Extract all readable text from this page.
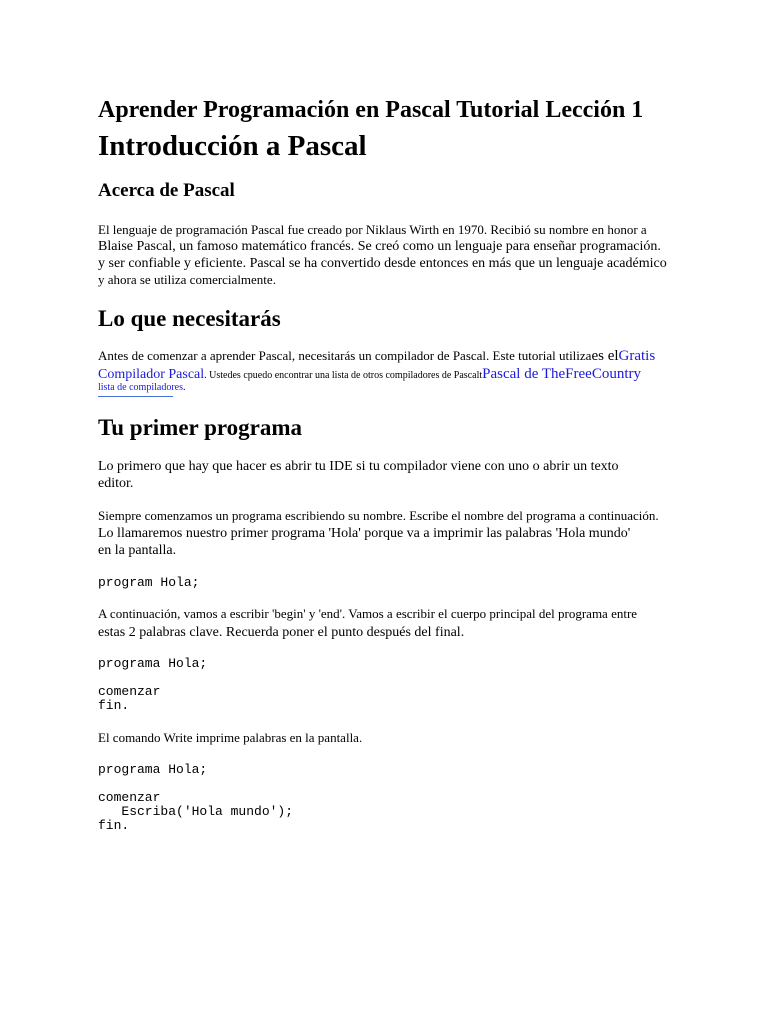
Aprender Programación en Pascal Tutorial Lección 1
Introducción a Pascal
Acerca de Pascal

El lenguaje de programación Pascal fue creado por Niklaus Wirth en 1970. Recibió su nombre en honor a

Blaise Pascal, un famoso matemático francés. Se creó como un lenguaje para enseñar programación.

y ser confiable y eficiente. Pascal se ha convertido desde entonces en más que un lenguaje académico

y ahora se utiliza comercialmente.

Lo que necesitarás

Antes de comenzar a aprender Pascal, necesitarás un compilador de Pascal. Este tutorial utilizaes elGratis

Compilador Pascal. Ustedes cpuedo encontrar una lista de otros compiladores de PascaltPascal de TheFreeCountry

lista de compiladores.

Tu primer programa

Lo primero que hay que hacer es abrir tu IDE si tu compilador viene con uno o abrir un texto

editor.

Siempre comenzamos un programa escribiendo su nombre. Escribe el nombre del programa a continuación.

Lo llamaremos nuestro primer programa 'Hola' porque va a imprimir las palabras 'Hola mundo'

en la pantalla.

program Hola;

A continuación, vamos a escribir 'begin' y 'end'. Vamos a escribir el cuerpo principal del programa entre

estas 2 palabras clave. Recuerda poner el punto después del final.

programa Hola;
comenzar
fin.

El comando Write imprime palabras en la pantalla.

programa Hola;
comenzar
Escriba('Hola mundo');
fin.
